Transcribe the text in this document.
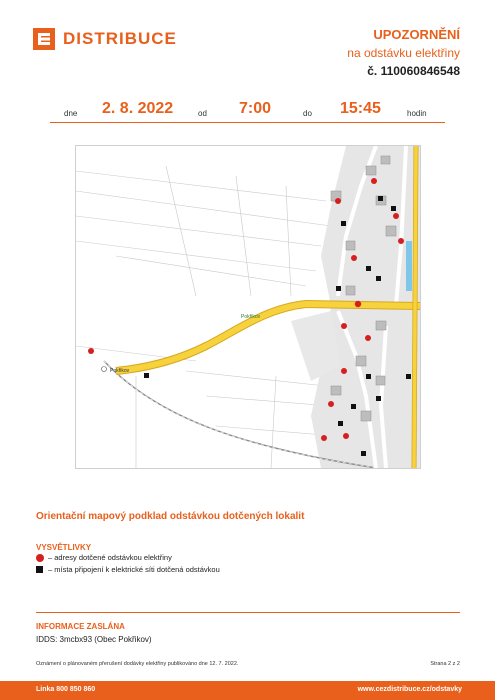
DISTRIBUCE	UPOZORNĚNÍ
na odstávku elektřiny
č. 110060846548
dne 2. 8. 2022	od 7:00	do 15:45	hodin
Pokřikov
Pokřikov
Orientační mapový podklad odstávkou dotčených lokalit
VYSVĚTLIVKY
– adresy dotčené odstávkou elektřiny
– místa připojení k elektrické síti dotčená odstávkou
INFORMACE ZASLÁNA
IDDS: 3mcbx93 (Obec Pokřikov)
Oznámení o plánovaném přerušení dodávky elektřiny publikováno dne 12. 7. 2022.	Strana 2 z 2
Linka 800 850 860	www.cezdistribuce.cz/odstavky
